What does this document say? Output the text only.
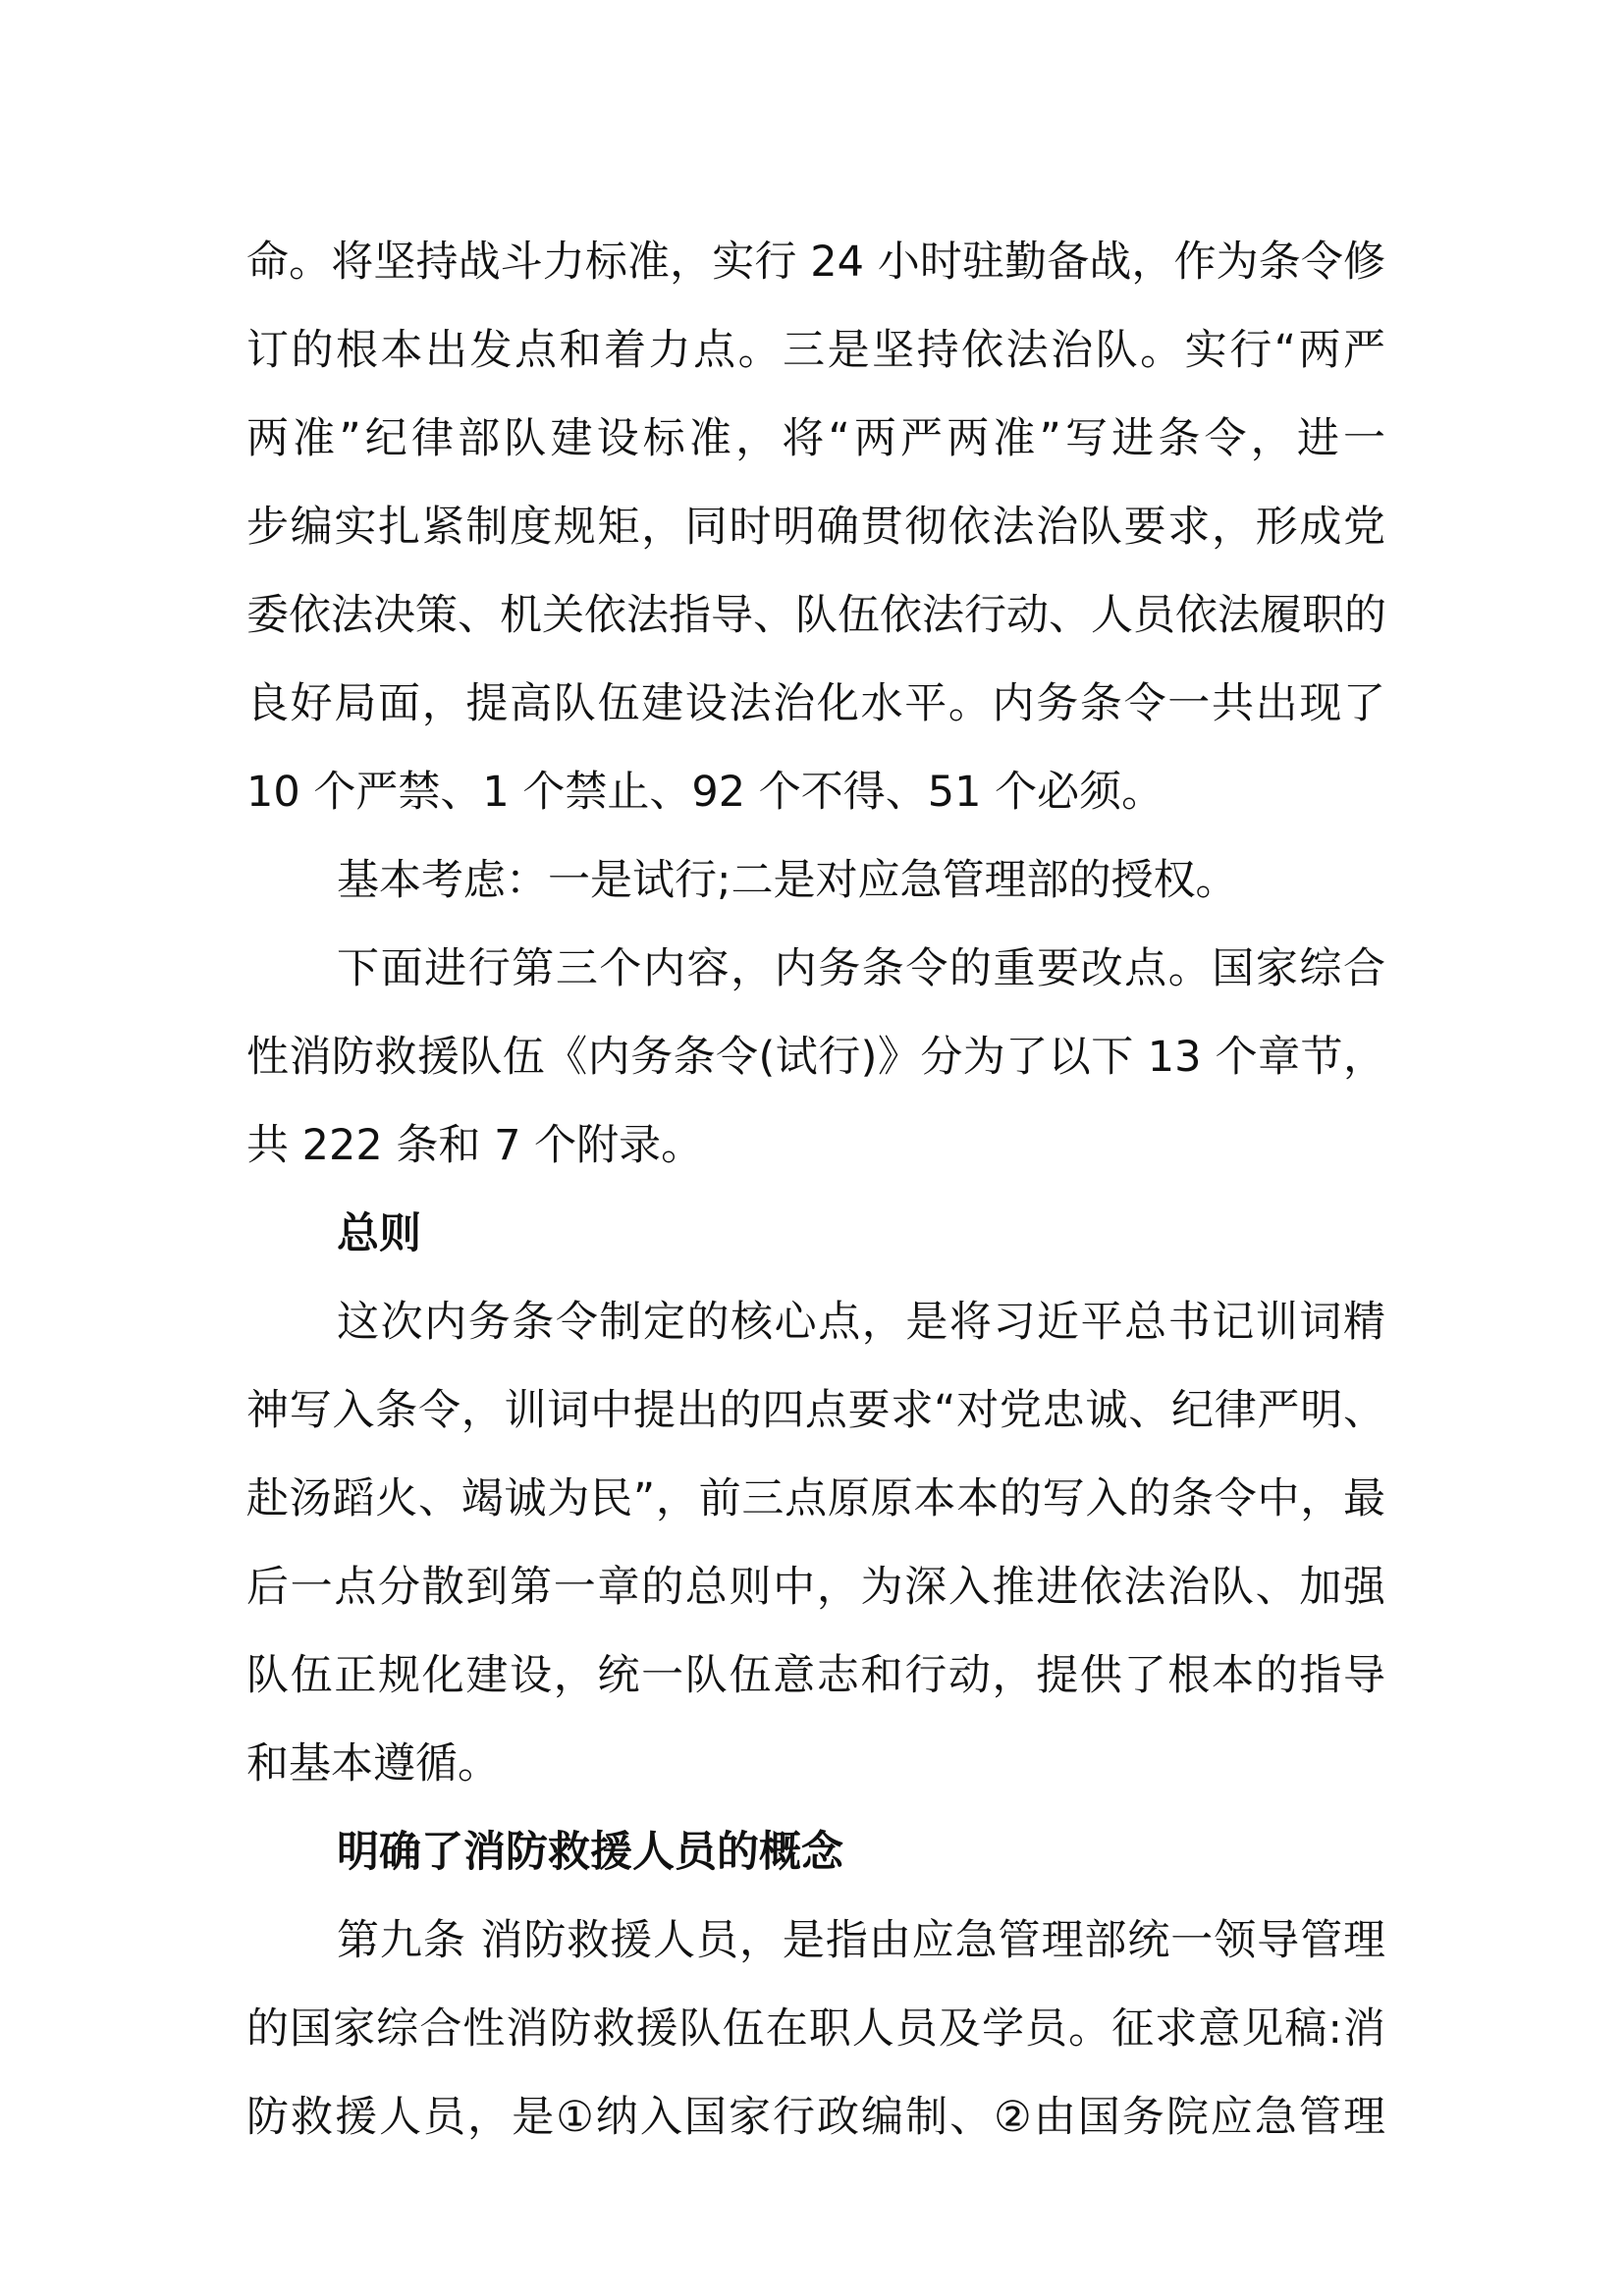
命。将坚持战斗力标准，实行 24 小时驻勤备战，作为条令修
订的根本出发点和着力点。三是坚持依法治队。实行“两严
两准”纪律部队建设标准，将“两严两准”写进条令，进一
步编实扎紧制度规矩，同时明确贯彻依法治队要求，形成党
委依法决策、机关依法指导、队伍依法行动、人员依法履职的
良好局面，提高队伍建设法治化水平。内务条令一共出现了
10 个严禁、1 个禁止、92 个不得、51 个必须。
基本考虑：一是试行;二是对应急管理部的授权。
下面进行第三个内容，内务条令的重要改点。国家综合
性消防救援队伍《内务条令(试行)》分为了以下 13 个章节，
共 222 条和 7 个附录。
总则
这次内务条令制定的核心点，是将习近平总书记训词精
神写入条令，训词中提出的四点要求“对党忠诚、纪律严明、
赴汤蹈火、竭诚为民”，前三点原原本本的写入的条令中，最
后一点分散到第一章的总则中，为深入推进依法治队、加强
队伍正规化建设，统一队伍意志和行动，提供了根本的指导
和基本遵循。
明确了消防救援人员的概念
第九条 消防救援人员，是指由应急管理部统一领导管理
的国家综合性消防救援队伍在职人员及学员。征求意见稿:消
防救援人员，是①纳入国家行政编制、②由国务院应急管理
